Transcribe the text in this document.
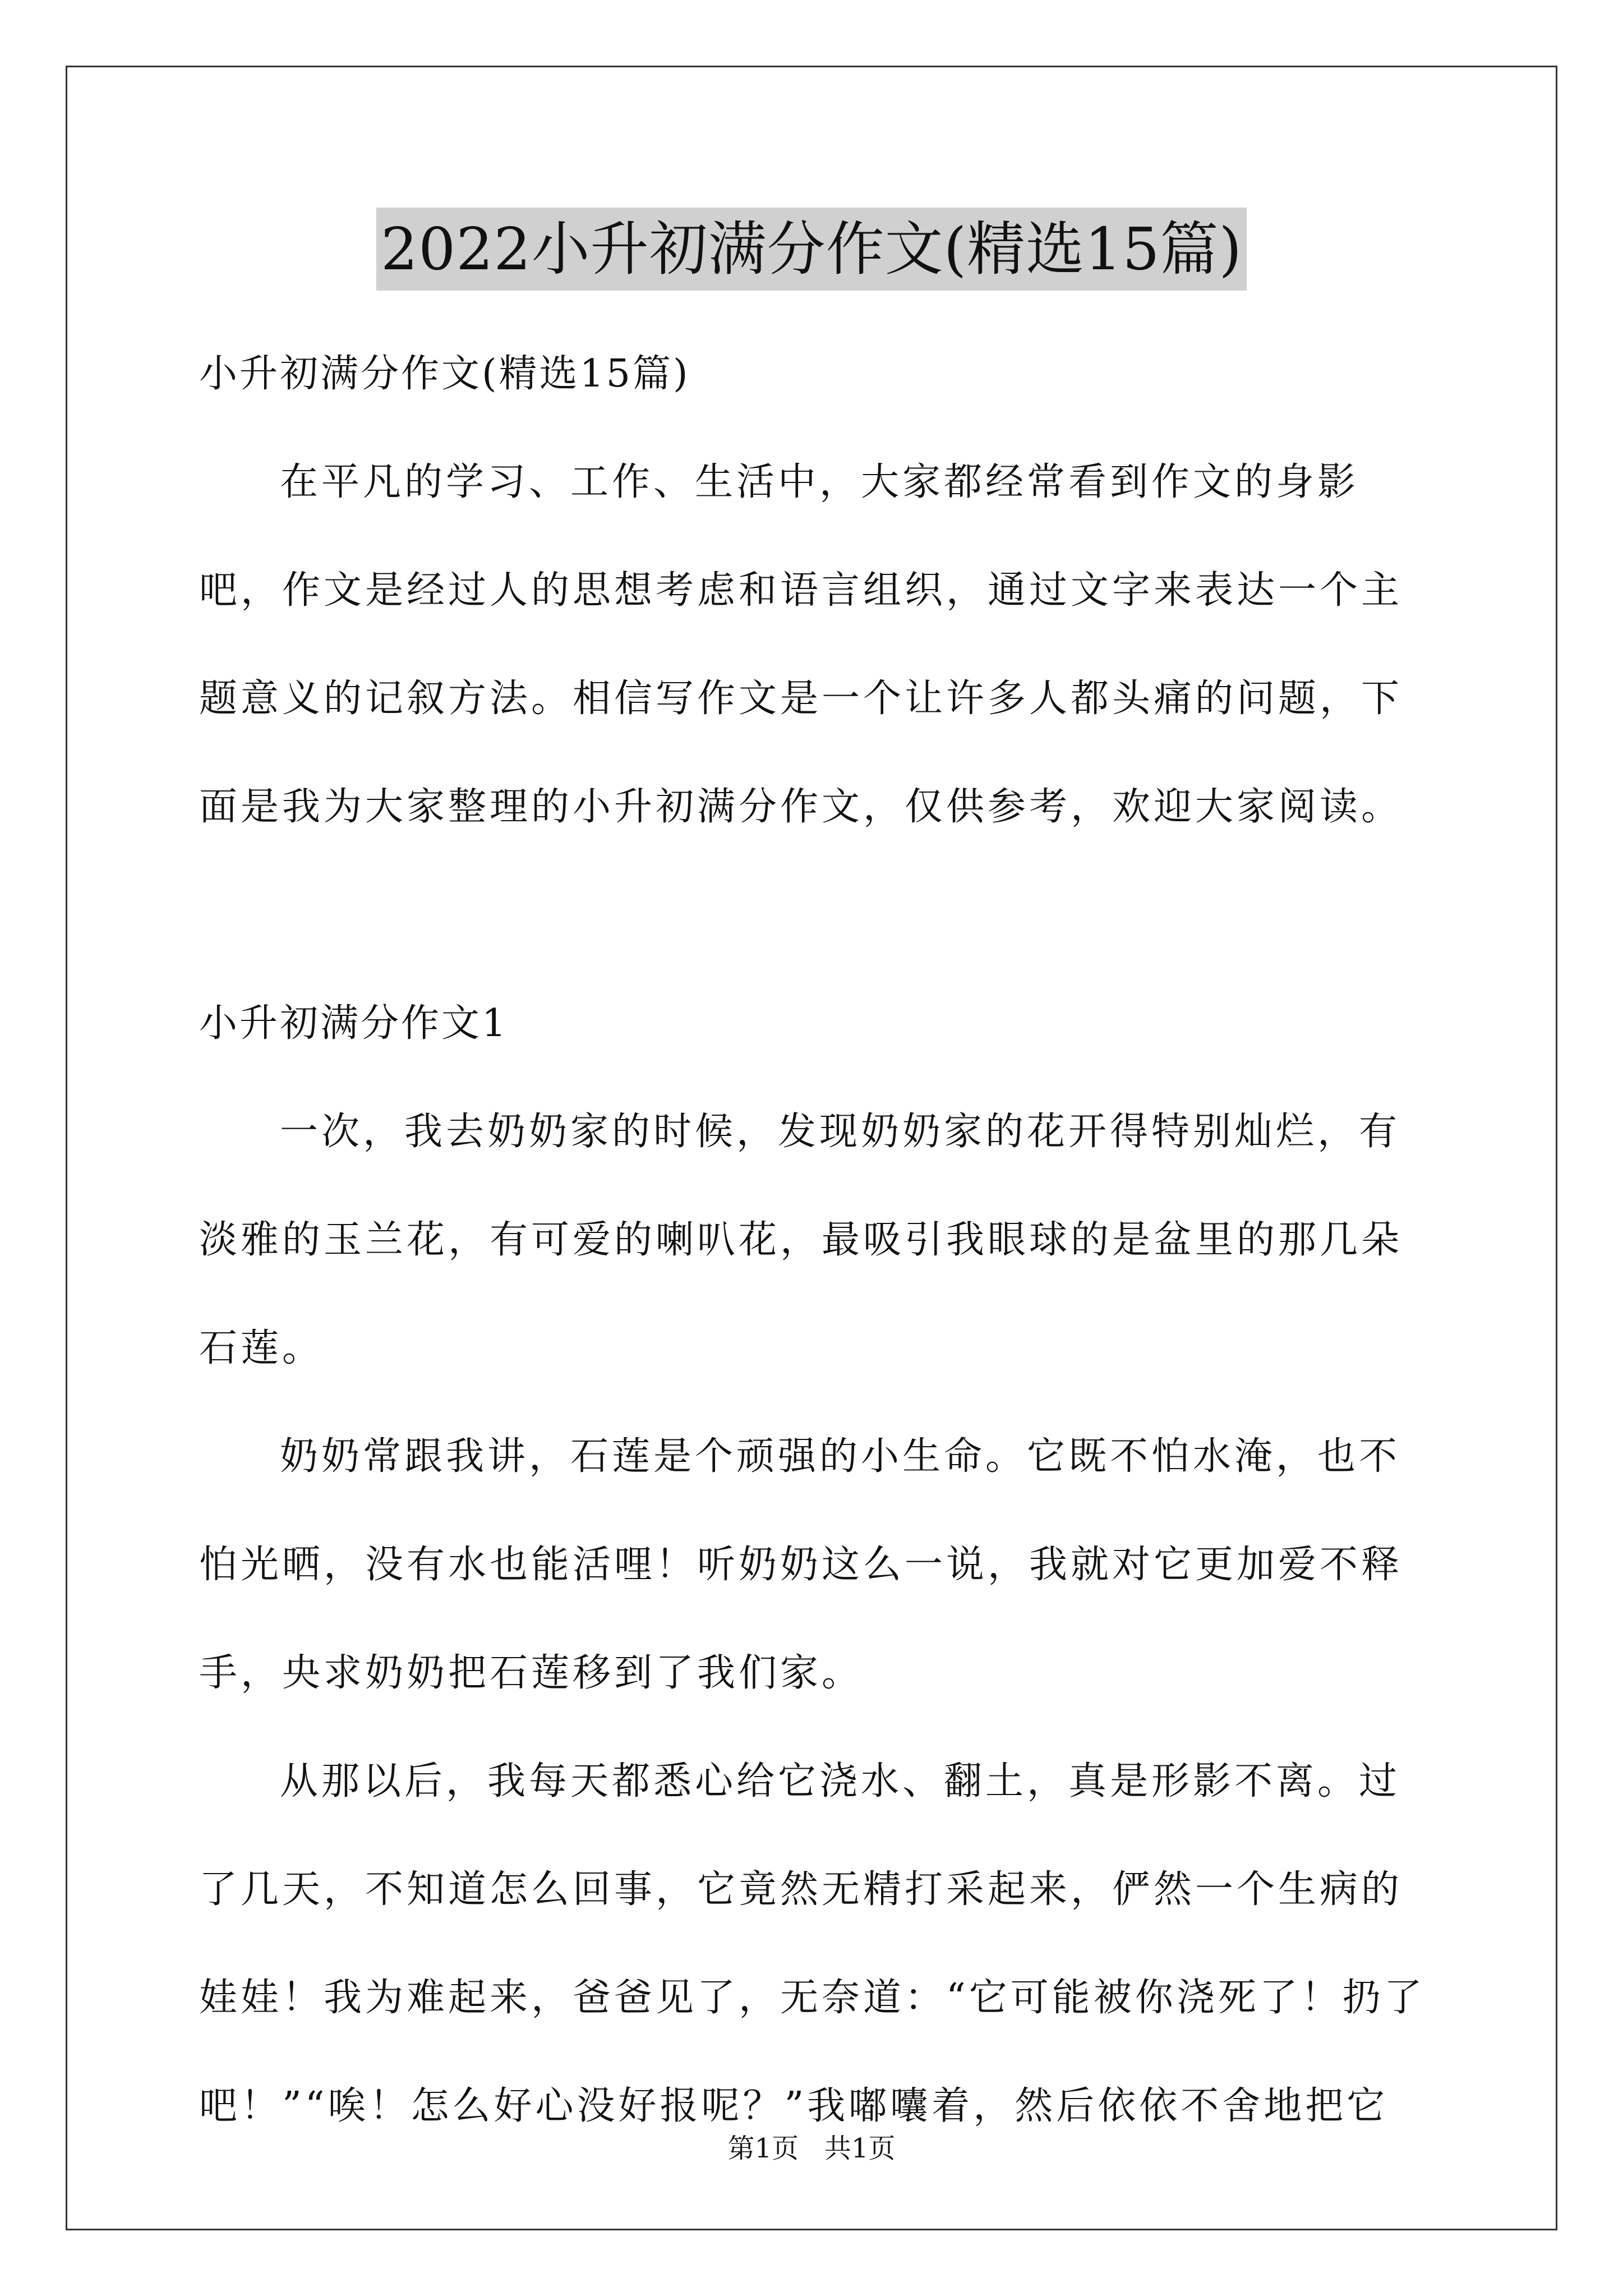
2022小升初满分作文(精选15篇)

小升初满分作文(精选15篇)

在平凡的学习、工作、生活中，大家都经常看到作文的身影吧，作文是经过人的思想考虑和语言组织，通过文字来表达一个主题意义的记叙方法。相信写作文是一个让许多人都头痛的问题，下面是我为大家整理的小升初满分作文，仅供参考，欢迎大家阅读。

小升初满分作文1

一次，我去奶奶家的时候，发现奶奶家的花开得特别灿烂，有淡雅的玉兰花，有可爱的喇叭花，最吸引我眼球的是盆里的那几朵石莲。

奶奶常跟我讲，石莲是个顽强的小生命。它既不怕水淹，也不怕光晒，没有水也能活哩！听奶奶这么一说，我就对它更加爱不释手，央求奶奶把石莲移到了我们家。

从那以后，我每天都悉心给它浇水、翻土，真是形影不离。过了几天，不知道怎么回事，它竟然无精打采起来，俨然一个生病的娃娃！我为难起来，爸爸见了，无奈道：“它可能被你浇死了！扔了吧！”“唉！怎么好心没好报呢？”我嘟囔着，然后依依不舍地把它

第1页   共1页
